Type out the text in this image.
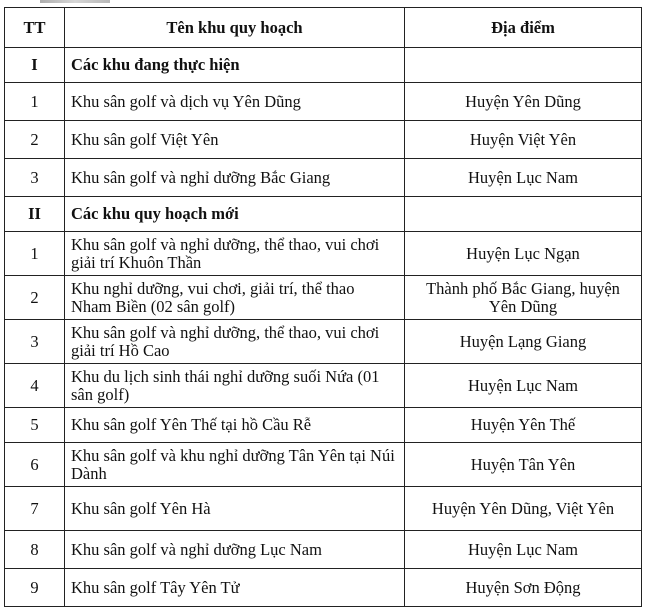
TT	Tên khu quy hoạch	Địa điểm
I	Các khu đang thực hiện	
1	Khu sân golf và dịch vụ Yên Dũng	Huyện Yên Dũng
2	Khu sân golf Việt Yên	Huyện Việt Yên
3	Khu sân golf và nghỉ dưỡng Bắc Giang	Huyện Lục Nam
II	Các khu quy hoạch mới	
1	Khu sân golf và nghỉ dưỡng, thể thao, vui chơi giải trí Khuôn Thần	Huyện Lục Ngạn
2	Khu nghỉ dưỡng, vui chơi, giải trí, thể thao Nham Biền (02 sân golf)	Thành phố Bắc Giang, huyện Yên Dũng
3	Khu sân golf và nghỉ dưỡng, thể thao, vui chơi giải trí Hồ Cao	Huyện Lạng Giang
4	Khu du lịch sinh thái nghỉ dưỡng suối Nứa (01 sân golf)	Huyện Lục Nam
5	Khu sân golf Yên Thế tại hồ Cầu Rễ	Huyện Yên Thế
6	Khu sân golf và khu nghỉ dưỡng Tân Yên tại Núi Dành	Huyện Tân Yên
7	Khu sân golf Yên Hà	Huyện Yên Dũng, Việt Yên
8	Khu sân golf và nghỉ dưỡng Lục Nam	Huyện Lục Nam
9	Khu sân golf Tây Yên Tử	Huyện Sơn Động
